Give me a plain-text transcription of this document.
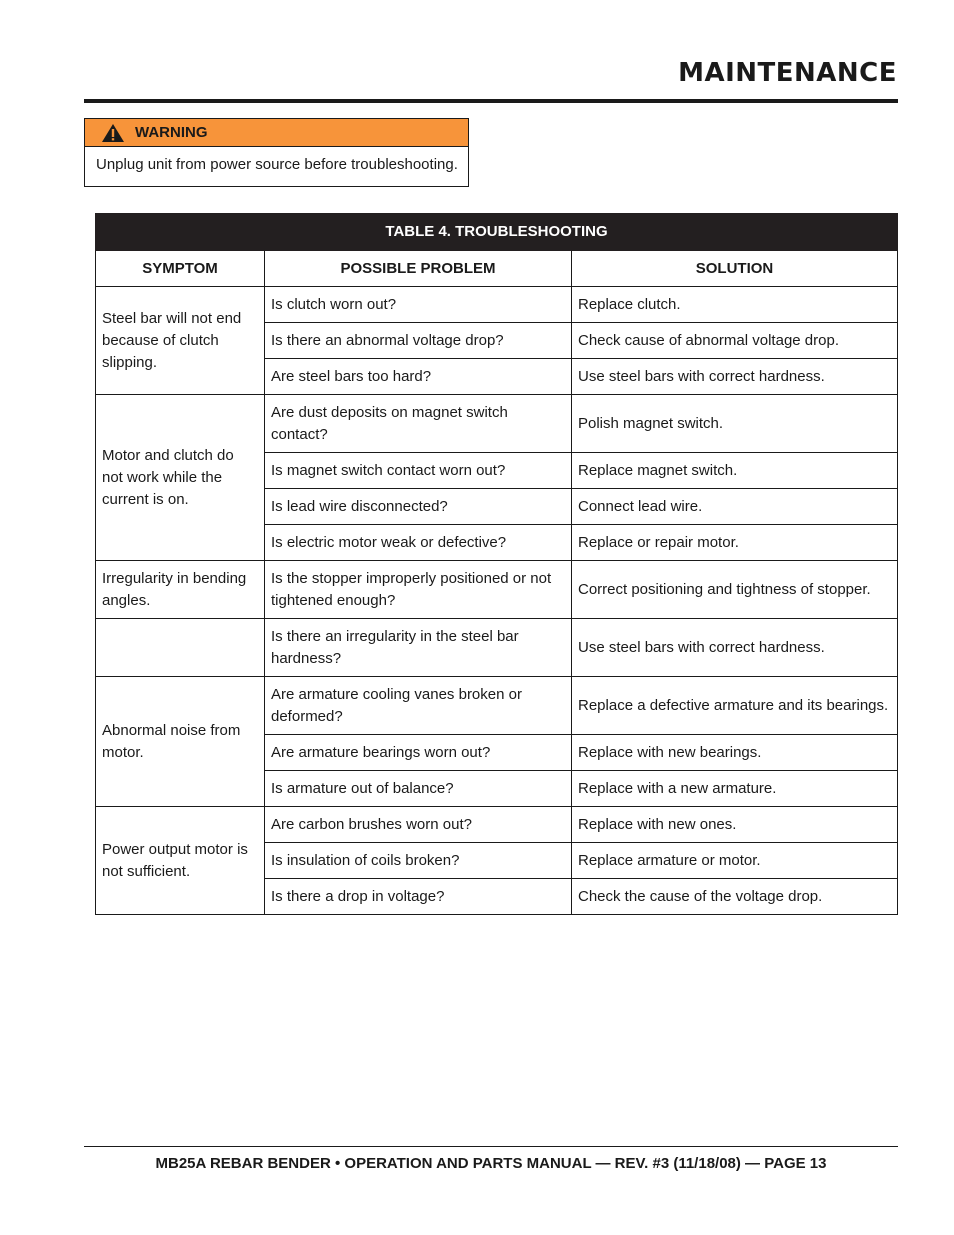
MAINTENANCE
WARNING
Unplug unit from power source before troubleshooting.
TABLE 4. TROUBLESHOOTING		
SYMPTOM	POSSIBLE PROBLEM	SOLUTION
Steel bar will not end because of clutch slipping.	Is clutch worn out?	Replace clutch.
	Is there an abnormal voltage drop?	Check cause of abnormal voltage drop.
	Are steel bars too hard?	Use steel bars with correct hardness.
Motor and clutch do not work while the current is on.	Are dust deposits on magnet switch contact?	Polish magnet switch.
	Is magnet switch contact worn out?	Replace magnet switch.
	Is lead wire disconnected?	Connect lead wire.
	Is electric motor weak or defective?	Replace or repair motor.
Irregularity in bending angles.	Is the stopper improperly positioned or not tightened enough?	Correct positioning and tightness of stopper.
	Is there an irregularity in the steel bar hardness?	Use steel bars with correct hardness.
Abnormal noise from motor.	Are armature cooling vanes broken or deformed?	Replace a defective armature and its bearings.
	Are armature bearings worn out?	Replace with new bearings.
	Is armature out of balance?	Replace with a new armature.
Power output motor is not sufficient.	Are carbon brushes worn out?	Replace with new ones.
	Is insulation of coils broken?	Replace armature or motor.
	Is there a drop in voltage?	Check the cause of the voltage drop.
MB25A REBAR BENDER • OPERATION AND PARTS MANUAL — REV. #3 (11/18/08) — PAGE 13
